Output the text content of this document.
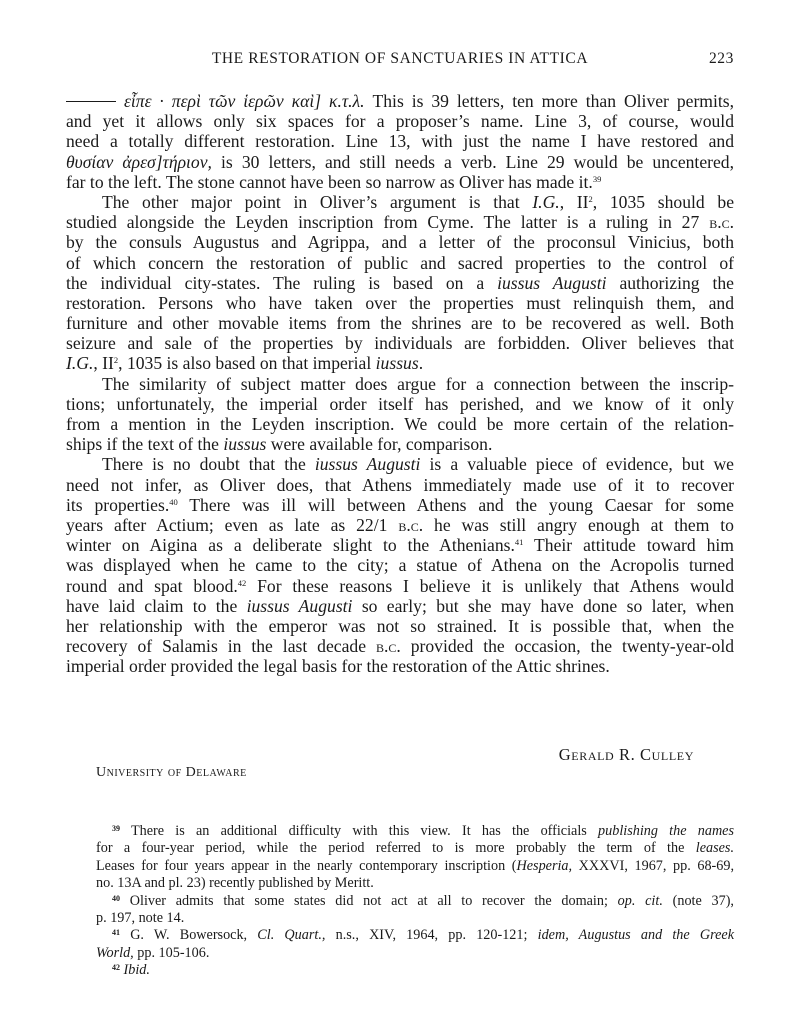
THE RESTORATION OF SANCTUARIES IN ATTICA	223
εἶπε · περὶ τῶν ἱερῶν καὶ] κ.τ.λ. This is 39 letters, ten more than Oliver permits,
and yet it allows only six spaces for a proposer’s name. Line 3, of course, would
need a totally different restoration. Line 13, with just the name I have restored and
θυσίαν ἀρεσ]τήριον, is 30 letters, and still needs a verb. Line 29 would be uncentered,
far to the left. The stone cannot have been so narrow as Oliver has made it.$^{39}$
The other major point in Oliver’s argument is that I.G., $II^2$, 1035 should be
studied alongside the Leyden inscription from Cyme. The latter is a ruling in 27 b.c.
by the consuls Augustus and Agrippa, and a letter of the proconsul Vinicius, both
of which concern the restoration of public and sacred properties to the control of
the individual city-states. The ruling is based on a iussus Augusti authorizing the
restoration. Persons who have taken over the properties must relinquish them, and
furniture and other movable items from the shrines are to be recovered as well. Both
seizure and sale of the properties by individuals are forbidden. Oliver believes that
I.G., $II^2$, 1035 is also based on that imperial iussus.
The similarity of subject matter does argue for a connection between the inscrip-
tions; unfortunately, the imperial order itself has perished, and we know of it only
from a mention in the Leyden inscription. We could be more certain of the relation-
ships if the text of the iussus were available for, comparison.
There is no doubt that the iussus Augusti is a valuable piece of evidence, but we
need not infer, as Oliver does, that Athens immediately made use of it to recover
its properties.$^{40}$ There was ill will between Athens and the young Caesar for some
years after Actium; even as late as 22/1 b.c. he was still angry enough at them to
winter on Aigina as a deliberate slight to the Athenians.$^{41}$ Their attitude toward him
was displayed when he came to the city; a statue of Athena on the Acropolis turned
round and spat blood.$^{42}$ For these reasons I believe it is unlikely that Athens would
have laid claim to the iussus Augusti so early; but she may have done so later, when
her relationship with the emperor was not so strained. It is possible that, when the
recovery of Salamis in the last decade b.c. provided the occasion, the twenty-year-old
imperial order provided the legal basis for the restoration of the Attic shrines.
Gerald R. Culley
University of Delaware
$^{39}$ There is an additional difficulty with this view. It has the officials publishing the names
for a four-year period, while the period referred to is more probably the term of the leases.
Leases for four years appear in the nearly contemporary inscription (Hesperia, XXXVI, 1967, pp. 68-69,
no. 13A and pl. 23) recently published by Meritt.
$^{40}$ Oliver admits that some states did not act at all to recover the domain; op. cit. (note 37),
p. 197, note 14.
$^{41}$ G. W. Bowersock, Cl. Quart., n.s., XIV, 1964, pp. 120-121; idem, Augustus and the Greek
World, pp. 105-106.
$^{42}$ Ibid.
